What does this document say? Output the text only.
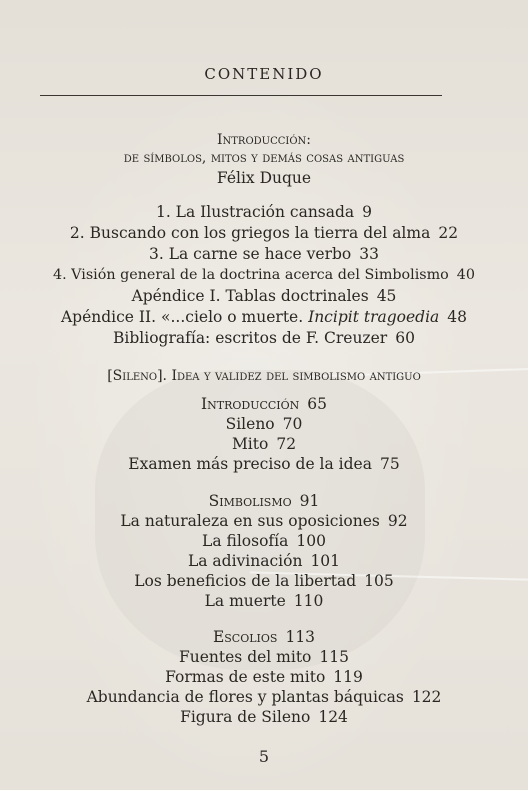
CONTENIDO
Introducción:
de símbolos, mitos y demás cosas antiguas
Félix Duque
1. La Ilustración cansada 9
2. Buscando con los griegos la tierra del alma 22
3. La carne se hace verbo 33
4. Visión general de la doctrina acerca del Simbolismo 40
Apéndice I. Tablas doctrinales 45
Apéndice II. «...cielo o muerte. Incipit tragoedia 48
Bibliografía: escritos de F. Creuzer 60
[Sileno]. Idea y validez del simbolismo antiguo
Introducción 65
Sileno 70
Mito 72
Examen más preciso de la idea 75
Simbolismo 91
La naturaleza en sus oposiciones 92
La filosofía 100
La adivinación 101
Los beneficios de la libertad 105
La muerte 110
Escolios 113
Fuentes del mito 115
Formas de este mito 119
Abundancia de flores y plantas báquicas 122
Figura de Sileno 124
5
